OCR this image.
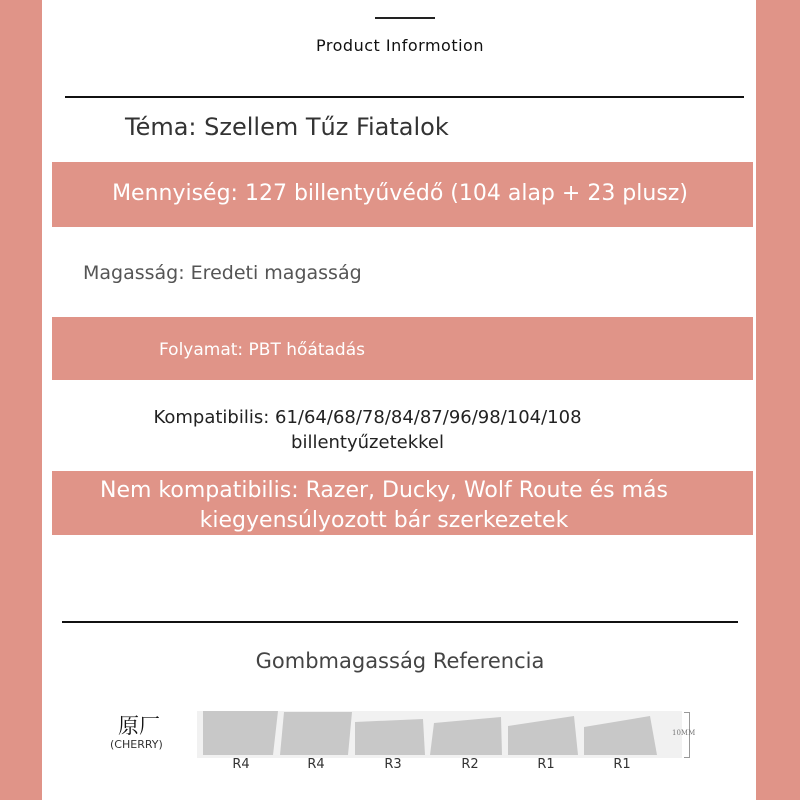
Product Informotion
Téma: Szellem Tűz Fiatalok
Mennyiség: 127 billentyűvédő (104 alap + 23 plusz)
Magasság: Eredeti magasság
Folyamat: PBT hőátadás
Kompatibilis: 61/64/68/78/84/87/96/98/104/108
billentyűzetekkel
Nem kompatibilis: Razer, Ducky, Wolf Route és más
kiegyensúlyozott bár szerkezetek
Gombmagasság Referencia
原厂
(CHERRY)
10MM
R4	R4	R3	R2	R1	R1
